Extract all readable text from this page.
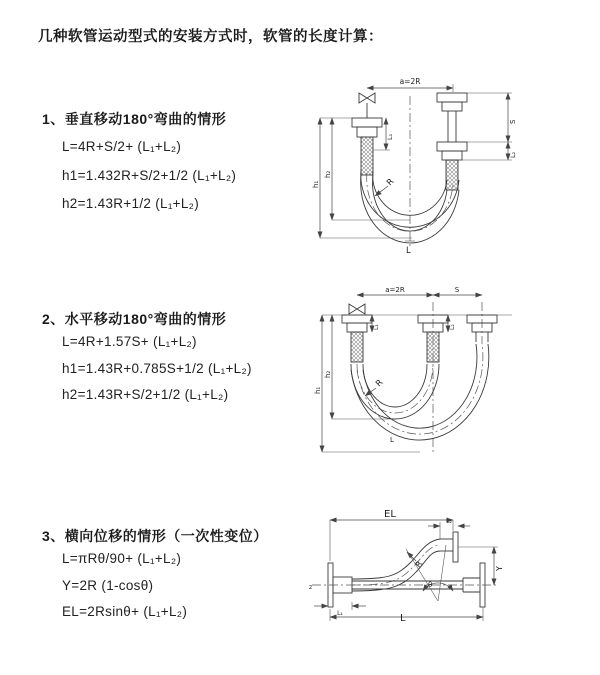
几种软管运动型式的安装方式时，软管的长度计算：
1、垂直移动180°弯曲的情形
L=4R+S/2+ (L₁+L₂)
h1=1.432R+S/2+1/2 (L₁+L₂)
h2=1.43R+1/2 (L₁+L₂)
2、水平移动180°弯曲的情形
L=4R+1.57S+ (L₁+L₂)
h1=1.43R+0.785S+1/2 (L₁+L₂)
h2=1.43R+S/2+1/2 (L₁+L₂)
3、横向位移的情形（一次性变位）
L=πRθ/90+ (L₁+L₂)
Y=2R (1-cosθ)
EL=2Rsinθ+ (L₁+L₂)
a=2R
h₁
h₂
L₁
S
L₂
R
L
a=2R	S
h₁
h₂
L₁	L₂
R
L
EL
L₂
z
Y
R
θ
L₁	L
